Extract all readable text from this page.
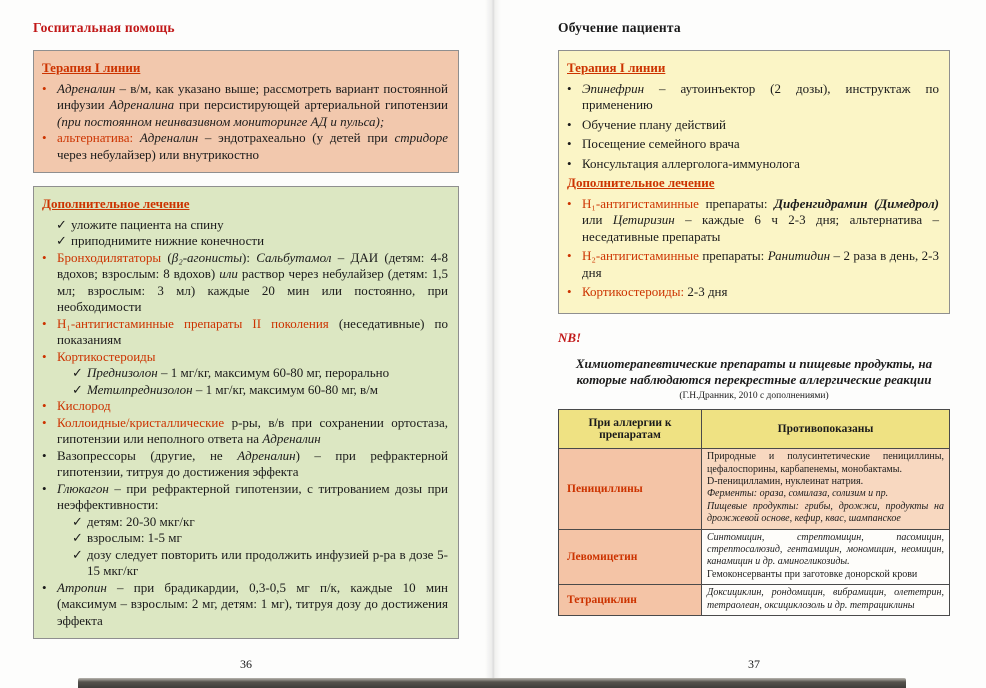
Госпитальная помощь
Терапия I линии
• Адреналин – в/м, как указано выше; рассмотреть вариант постоянной инфузии Адреналина при персистирующей артериальной гипотензии (при постоянном неинвазивном мониторинге АД и пульса);
• альтернатива: Адреналин – эндотрахеально (у детей при стридоре через небулайзер) или внутрикостно
Дополнительное лечение
✓ уложите пациента на спину
✓ приподнимите нижние конечности
• Бронходилятаторы (β₂-агонисты): Сальбутамол – ДАИ (детям: 4-8 вдохов; взрослым: 8 вдохов) или раствор через небулайзер (детям: 1,5 мл; взрослым: 3 мл) каждые 20 мин или постоянно, при необходимости
• Н₁-антигистаминные препараты II поколения (неседативные) по показаниям
• Кортикостероиды
✓ Преднизолон – 1 мг/кг, максимум 60-80 мг, перорально
✓ Метилпреднизолон – 1 мг/кг, максимум 60-80 мг, в/м
• Кислород
• Коллоидные/кристаллические р-ры, в/в при сохранении ортостаза, гипотензии или неполного ответа на Адреналин
• Вазопрессоры (другие, не Адреналин) – при рефрактерной гипотензии, титруя до достижения эффекта
• Глюкагон – при рефрактерной гипотензии, с титрованием дозы при неэффективности:
✓ детям: 20-30 мкг/кг
✓ взрослым: 1-5 мг
✓ дозу следует повторить или продолжить инфузией р-ра в дозе 5-15 мкг/кг
• Атропин – при брадикардии, 0,3-0,5 мг п/к, каждые 10 мин (максимум – взрослым: 2 мг, детям: 1 мг), титруя дозу до достижения эффекта
36
Обучение пациента
Терапия I линии
• Эпинефрин – аутоинъектор (2 дозы), инструктаж по применению
• Обучение плану действий
• Посещение семейного врача
• Консультация аллерголога-иммунолога
Дополнительное лечение
• Н₁-антигистаминные препараты: Дифенгидрамин (Димедрол) или Цетиризин – каждые 6 ч 2-3 дня; альтернатива – неседативные препараты
• Н₂-антигистаминные препараты: Ранитидин – 2 раза в день, 2-3 дня
• Кортикостероиды: 2-3 дня
NB!
Химиотерапевтические препараты и пищевые продукты, на которые наблюдаются перекрестные аллергические реакции
(Г.Н.Дранник, 2010 с дополнениями)
При аллергии к препаратам	Противопоказаны
Пенициллины	Природные и полусинтетические пенициллины, цефалоспорины, карбапенемы, монобактамы.
D-пеницилламин, нуклеинат натрия.
Ферменты: ораза, сомилаза, солизим и пр.
Пищевые продукты: грибы, дрожжи, продукты на дрожжевой основе, кефир, квас, шампанское

Левомицетин	Синтомицин, стрептомицин, пасомицин, стрептосалюзид, гентамицин, мономицин, неомицин, канамицин и др. аминогликозиды.
Гемоконсерванты при заготовке донорской крови

Тетрациклин	Доксициклин, рондомицин, вибрамицин, олететрин, тетраолеан, оксициклозоль и др. тетрациклины
37
